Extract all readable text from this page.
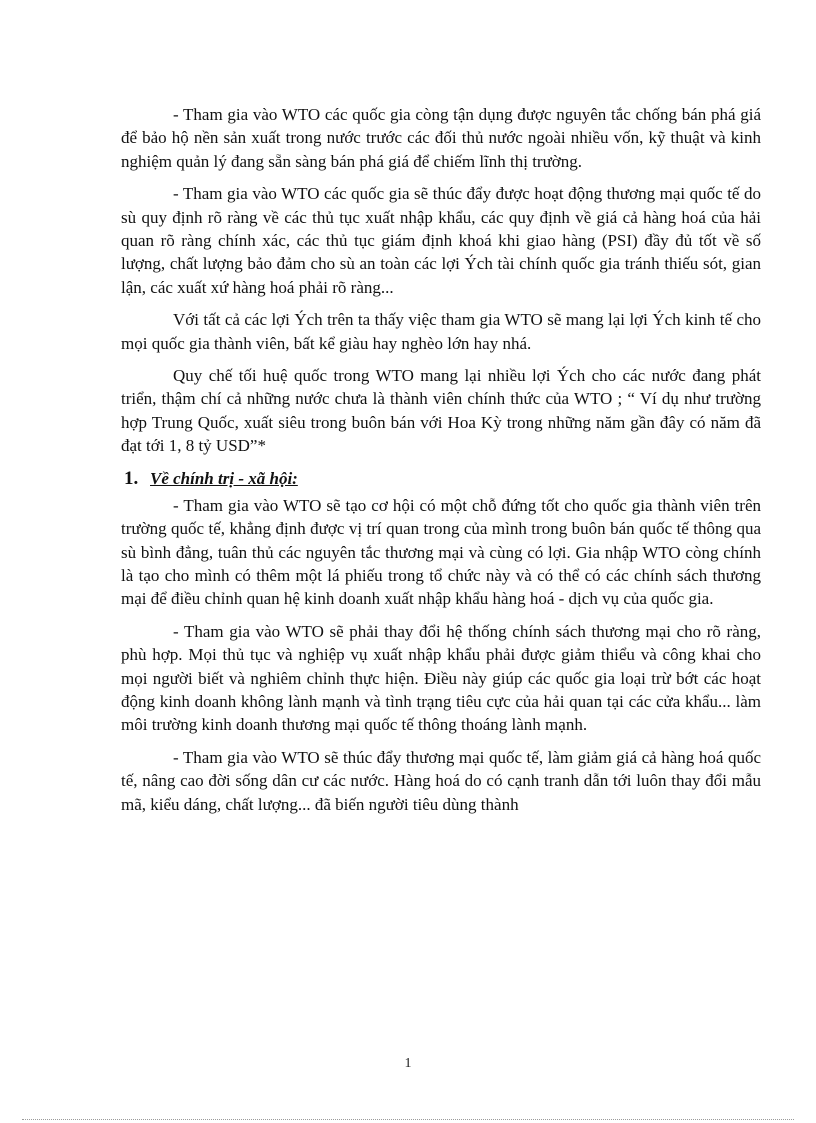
- Tham gia vào WTO các quốc gia còng tận dụng được nguyên tắc chống bán phá giá để bảo hộ nền sản xuất trong nước trước các đối thủ nước ngoài nhiều vốn, kỹ thuật và kinh nghiệm quản lý đang sẵn sàng bán phá giá để chiếm lĩnh thị trường.

- Tham gia vào WTO các quốc gia sẽ thúc đẩy được hoạt động thương mại quốc tế do sù quy định rõ ràng về các thủ tục xuất nhập khẩu, các quy định về giá cả hàng hoá của hải quan rõ ràng chính xác, các thủ tục giám định khoá khi giao hàng (PSI) đầy đủ tốt về số lượng, chất lượng bảo đảm cho sù an toàn các lợi Ých tài chính quốc gia tránh thiếu sót, gian lận, các xuất xứ hàng hoá phải rõ ràng...

Với tất cả các lợi Ých trên ta thấy việc tham gia WTO sẽ mang lại lợi Ých kinh tế cho mọi quốc gia thành viên, bất kể giàu hay nghèo lớn hay nhá.

Quy chế tối huệ quốc trong WTO mang lại nhiều lợi Ých cho các nước đang phát triển, thậm chí cả những nước chưa là thành viên chính thức của WTO ; “ Ví dụ như trường hợp Trung Quốc, xuất siêu trong buôn bán với Hoa Kỳ trong những năm gần đây có năm đã đạt tới 1, 8 tỷ USD”*

1. Về chính trị - xã hội:

- Tham gia vào WTO sẽ tạo cơ hội có một chỗ đứng tốt cho quốc gia thành viên trên trường quốc tế, khẳng định được vị trí quan trong của mình trong buôn bán quốc tế thông qua sù bình đẳng, tuân thủ các nguyên tắc thương mại và cùng có lợi. Gia nhập WTO còng chính là tạo cho mình có thêm một lá phiếu trong tổ chức này và có thể có các chính sách thương mại để điều chỉnh quan hệ kinh doanh xuất nhập khẩu hàng hoá - dịch vụ của quốc gia.

- Tham gia vào WTO sẽ phải thay đổi hệ thống chính sách thương mại cho rõ ràng, phù hợp. Mọi thủ tục và nghiệp vụ xuất nhập khẩu phải được giảm thiểu và công khai cho mọi người biết và nghiêm chỉnh thực hiện. Điều này giúp các quốc gia loại trừ bớt các hoạt động kinh doanh không lành mạnh và tình trạng tiêu cực của hải quan tại các cửa khẩu... làm môi trường kinh doanh thương mại quốc tế thông thoáng lành mạnh.

- Tham gia vào WTO sẽ thúc đẩy thương mại quốc tế, làm giảm giá cả hàng hoá quốc tế, nâng cao đời sống dân cư các nước. Hàng hoá do có cạnh tranh dẫn tới luôn thay đổi mẫu mã, kiểu dáng, chất lượng... đã biến người tiêu dùng thành

1
